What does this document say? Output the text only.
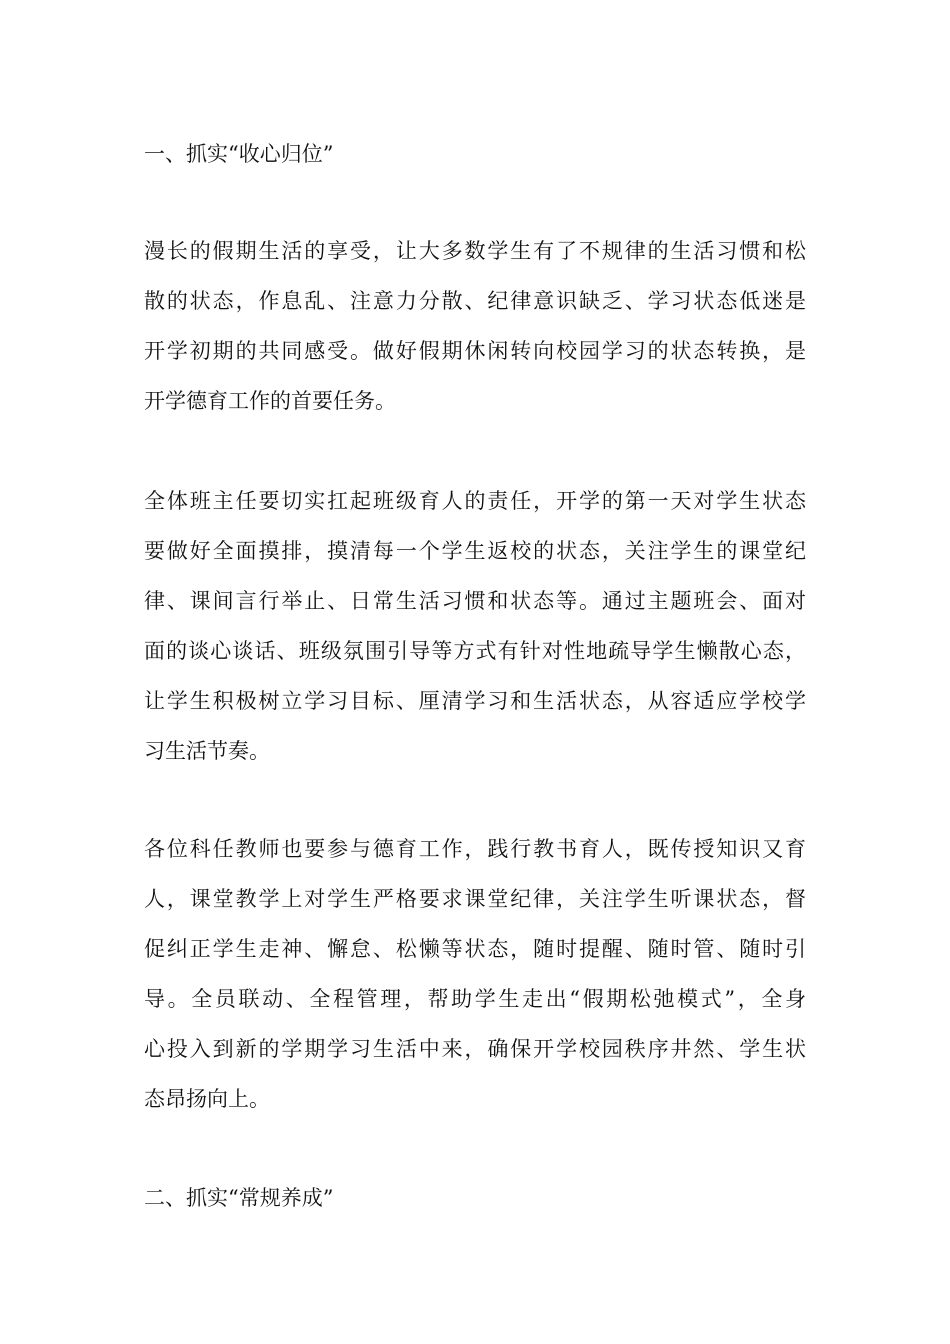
一、抓实“收心归位”
漫长的假期生活的享受，让大多数学生有了不规律的生活习惯和松
散的状态，作息乱、注意力分散、纪律意识缺乏、学习状态低迷是
开学初期的共同感受。做好假期休闲转向校园学习的状态转换，是
开学德育工作的首要任务。
全体班主任要切实扛起班级育人的责任，开学的第一天对学生状态
要做好全面摸排，摸清每一个学生返校的状态，关注学生的课堂纪
律、课间言行举止、日常生活习惯和状态等。通过主题班会、面对
面的谈心谈话、班级氛围引导等方式有针对性地疏导学生懒散心态，
让学生积极树立学习目标、厘清学习和生活状态，从容适应学校学
习生活节奏。
各位科任教师也要参与德育工作，践行教书育人，既传授知识又育
人，课堂教学上对学生严格要求课堂纪律，关注学生听课状态，督
促纠正学生走神、懈怠、松懒等状态，随时提醒、随时管、随时引
导。全员联动、全程管理，帮助学生走出“假期松弛模式”，全身
心投入到新的学期学习生活中来，确保开学校园秩序井然、学生状
态昂扬向上。
二、抓实“常规养成”
